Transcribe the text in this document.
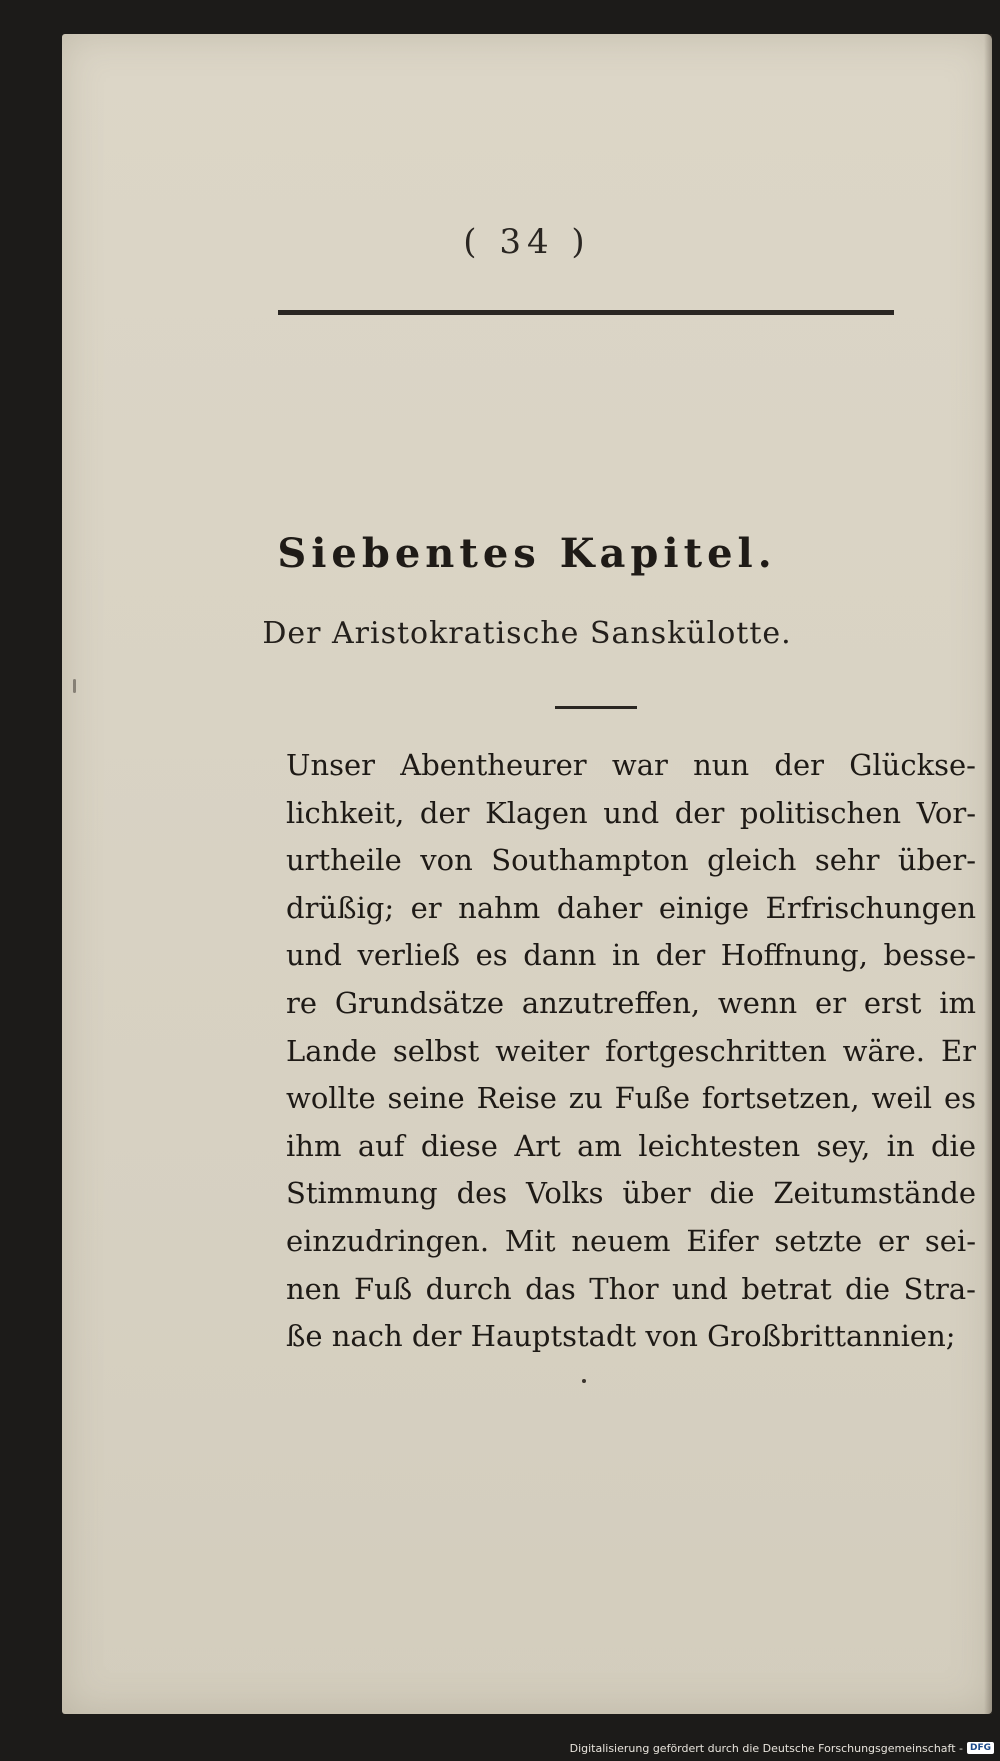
( 34 )
Siebentes Kapitel.
Der Aristokratische Sanskülotte.
Unser Abentheurer war nun der Glückse-
lichkeit, der Klagen und der politischen Vor-
urtheile von Southampton gleich sehr über-
drüßig; er nahm daher einige Erfrischungen
und verließ es dann in der Hoffnung, besse-
re Grundsätze anzutreffen, wenn er erst im
Lande selbst weiter fortgeschritten wäre. Er
wollte seine Reise zu Fuße fortsetzen, weil es
ihm auf diese Art am leichtesten sey, in die
Stimmung des Volks über die Zeitumstände
einzudringen. Mit neuem Eifer setzte er sei-
nen Fuß durch das Thor und betrat die Stra-
ße nach der Hauptstadt von Großbrittannien;
Digitalisierung gefördert durch die Deutsche Forschungsgemeinschaft - DFG
